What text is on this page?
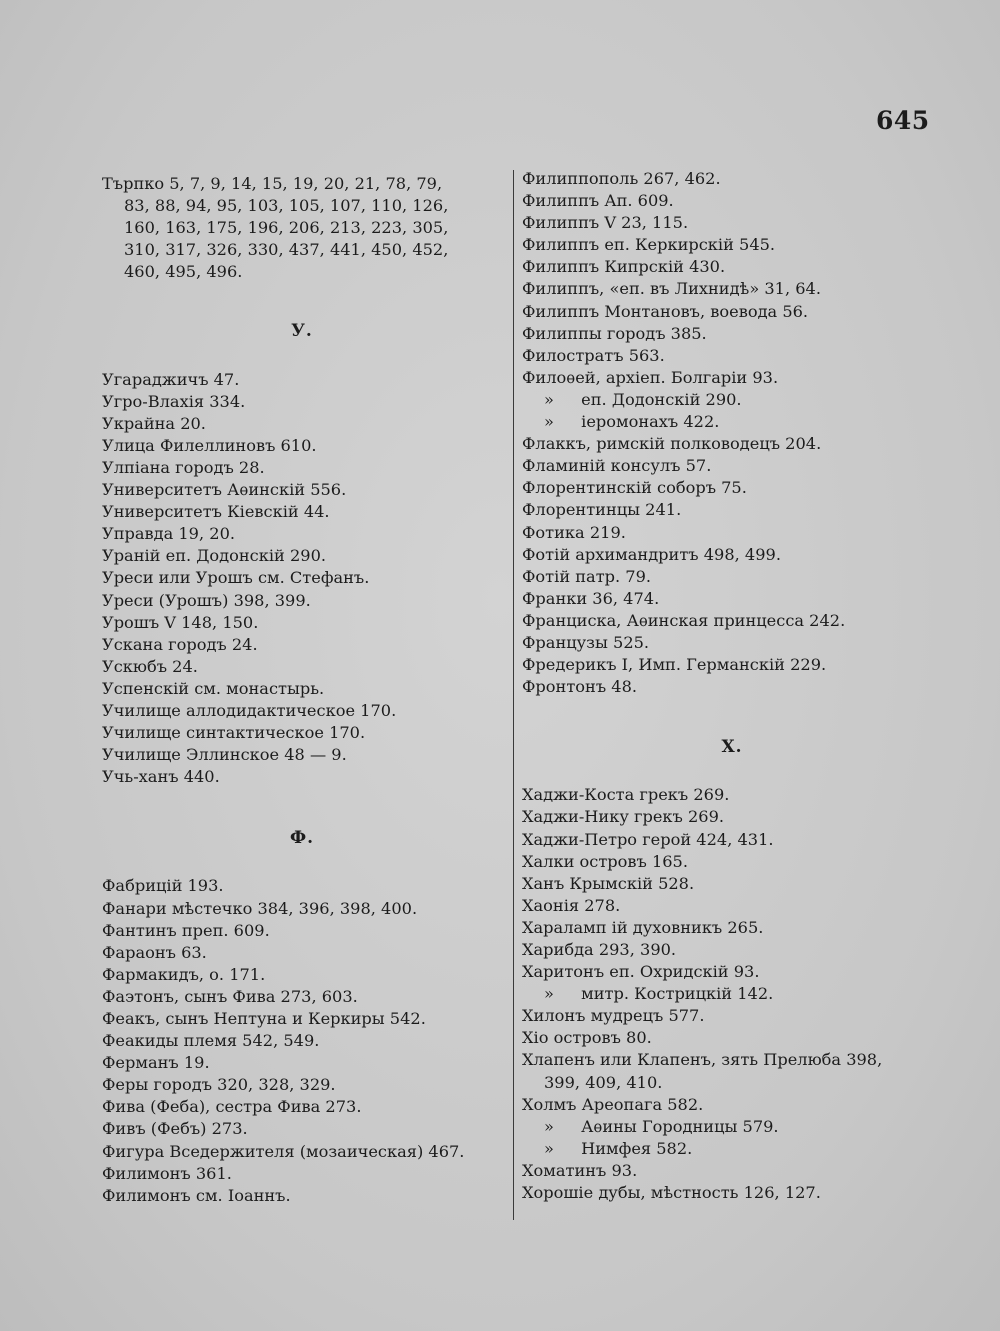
645
Търпко 5, 7, 9, 14, 15, 19, 20, 21, 78, 79,
83, 88, 94, 95, 103, 105, 107, 110, 126,
160, 163, 175, 196, 206, 213, 223, 305,
310, 317, 326, 330, 437, 441, 450, 452,
460, 495, 496.
У.
Угараджичъ 47.
Угро-Влахія 334.
Украйна 20.
Улица Филеллиновъ 610.
Улпіана городъ 28.
Университетъ Аѳинскій 556.
Университетъ Кіевскій 44.
Управда 19, 20.
Ураній еп. Додонскій 290.
Уреси или Урошъ см. Стефанъ.
Уреси (Урошъ) 398, 399.
Урошъ V 148, 150.
Ускана городъ 24.
Ускюбъ 24.
Успенскій см. монастырь.
Училище аллодидактическое 170.
Училище синтактическое 170.
Училище Эллинское 48 — 9.
Учь-ханъ 440.
Ф.
Фабрицій 193.
Фанари мѣстечко 384, 396, 398, 400.
Фантинъ преп. 609.
Фараонъ 63.
Фармакидъ, о. 171.
Фаэтонъ, сынъ Фива 273, 603.
Феакъ, сынъ Нептуна и Керкиры 542.
Феакиды племя 542, 549.
Ферманъ 19.
Феры городъ 320, 328, 329.
Фива (Феба), сестра Фива 273.
Фивъ (Фебъ) 273.
Фигура Вседержителя (мозаическая) 467.
Филимонъ 361.
Филимонъ см. Іоаннъ.
Филиппополь 267, 462.
Филиппъ Ап. 609.
Филиппъ V 23, 115.
Филиппъ еп. Керкирскій 545.
Филиппъ Кипрскій 430.
Филиппъ, «еп. въ Лихнидѣ» 31, 64.
Филиппъ Монтановъ, воевода 56.
Филиппы городъ 385.
Филостратъ 563.
Филоѳей, архіеп. Болгаріи 93.
» еп. Додонскій 290.
» іеромонахъ 422.
Флаккъ, римскій полководецъ 204.
Фламиній консулъ 57.
Флорентинскій соборъ 75.
Флорентинцы 241.
Фотика 219.
Фотій архимандритъ 498, 499.
Фотій патр. 79.
Франки 36, 474.
Франциска, Аѳинская принцесса 242.
Французы 525.
Фредерикъ I, Имп. Германскій 229.
Фронтонъ 48.
Х.
Хаджи-Коста грекъ 269.
Хаджи-Нику грекъ 269.
Хаджи-Петро герой 424, 431.
Халки островъ 165.
Ханъ Крымскій 528.
Хаонія 278.
Хараламп ій духовникъ 265.
Харибда 293, 390.
Харитонъ еп. Охридскій 93.
» митр. Кострицкій 142.
Хилонъ мудрецъ 577.
Хіо островъ 80.
Хлапенъ или Клапенъ, зять Прелюба 398,
399, 409, 410.
Холмъ Ареопага 582.
» Аѳины Городницы 579.
» Нимфея 582.
Хоматинъ 93.
Хорошіе дубы, мѣстность 126, 127.
